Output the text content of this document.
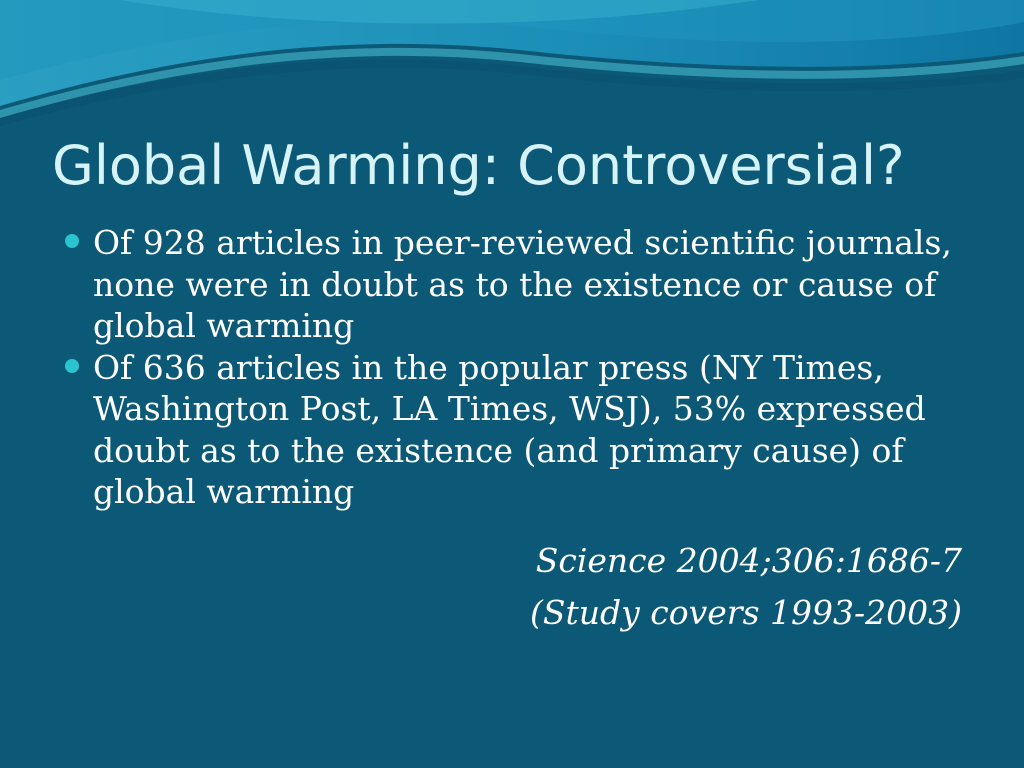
Global Warming: Controversial?
Of 928 articles in peer-reviewed scientific journals, none were in doubt as to the existence or cause of global warming
Of 636 articles in the popular press (NY Times, Washington Post, LA Times, WSJ), 53% expressed doubt as to the existence (and primary cause) of global warming
Science 2004;306:1686-7
(Study covers 1993-2003)
